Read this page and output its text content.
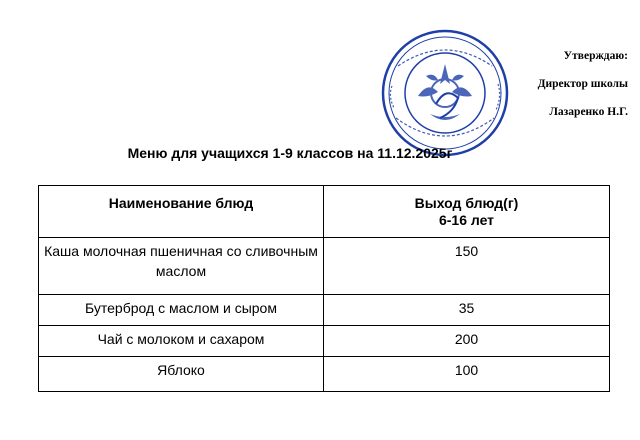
Утверждаю:
Директор школы
Лазаренко Н.Г.
Меню для учащихся 1-9 классов на 11.12.2025г
Наименование блюд	Выход блюд(г)
6-16 лет

Каша молочная пшеничная со сливочным маслом	150
Бутерброд с маслом и сыром	35
Чай с молоком и сахаром	200
Яблоко	100
